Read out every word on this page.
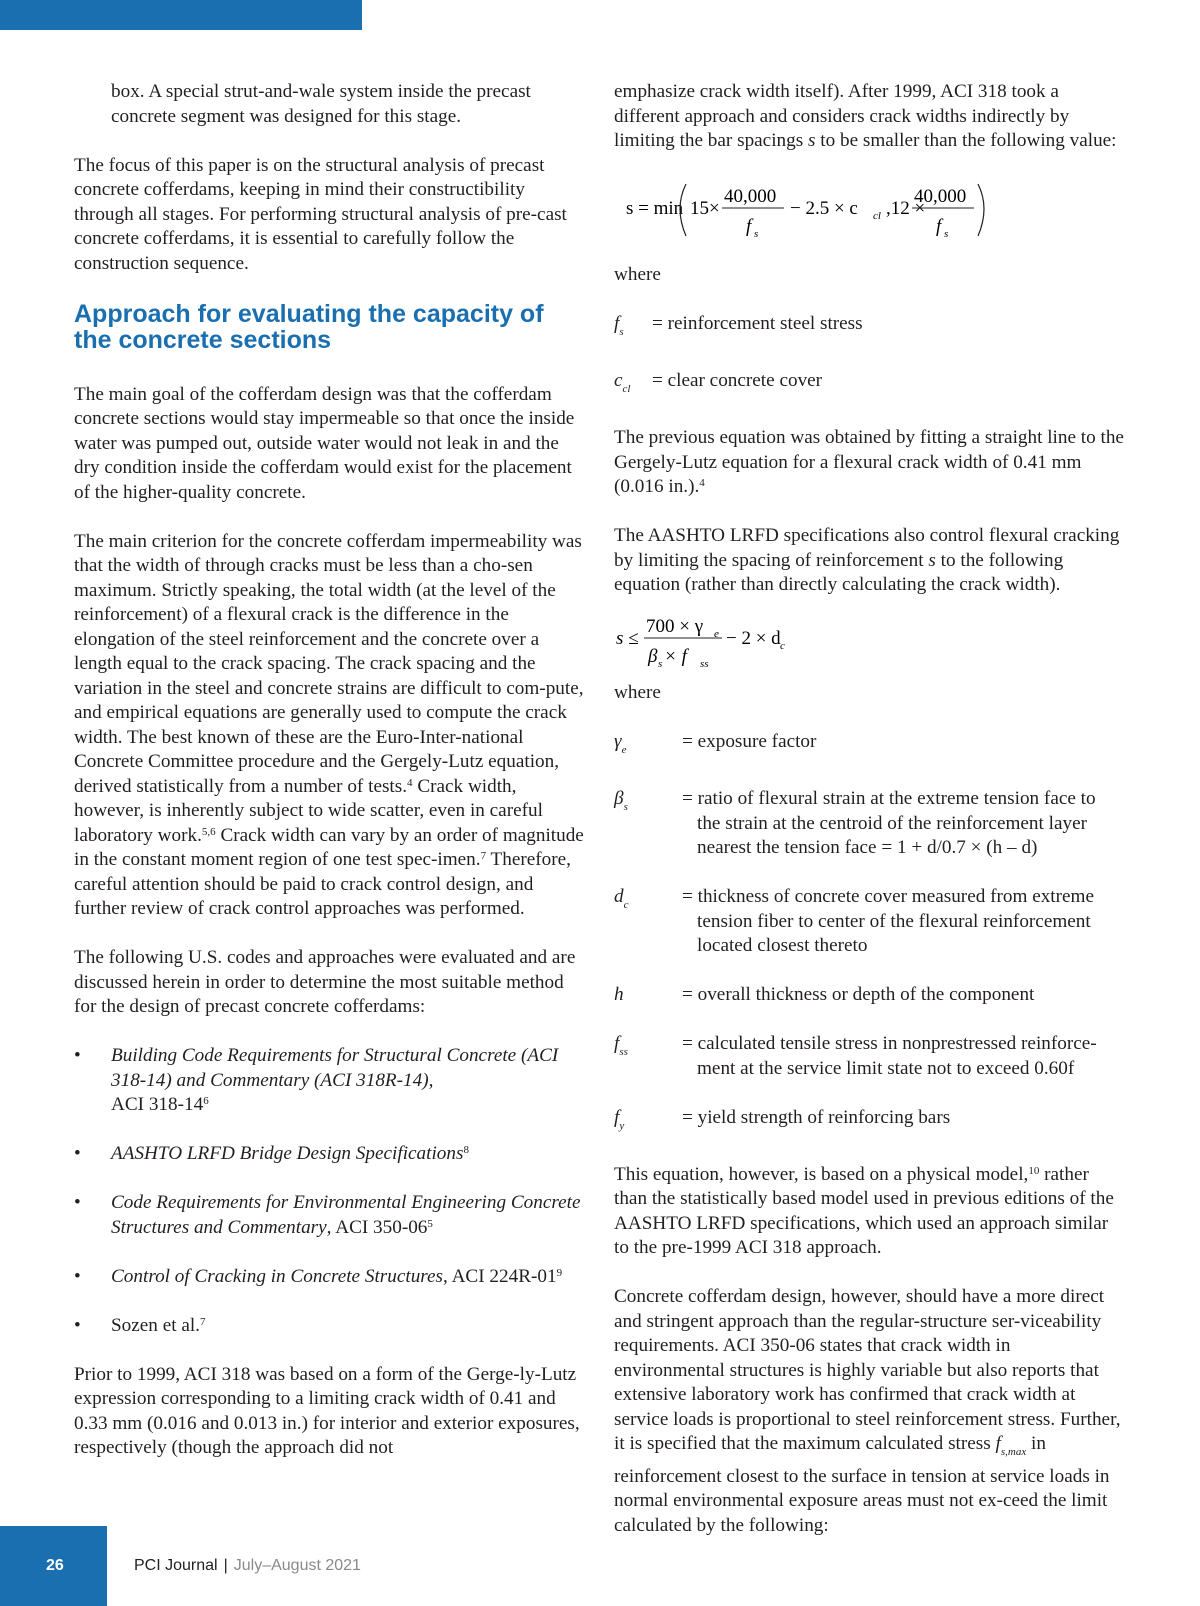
box. A special strut-and-wale system inside the precast concrete segment was designed for this stage.

The focus of this paper is on the structural analysis of precast concrete cofferdams, keeping in mind their constructibility through all stages. For performing structural analysis of pre-cast concrete cofferdams, it is essential to carefully follow the construction sequence.

Approach for evaluating the capacity of the concrete sections

The main goal of the cofferdam design was that the cofferdam concrete sections would stay impermeable so that once the inside water was pumped out, outside water would not leak in and the dry condition inside the cofferdam would exist for the placement of the higher-quality concrete.

The main criterion for the concrete cofferdam impermeability was that the width of through cracks must be less than a cho-sen maximum. Strictly speaking, the total width (at the level of the reinforcement) of a flexural crack is the difference in the elongation of the steel reinforcement and the concrete over a length equal to the crack spacing. The crack spacing and the variation in the steel and concrete strains are difficult to com-pute, and empirical equations are generally used to compute the crack width. The best known of these are the Euro-Inter-national Concrete Committee procedure and the Gergely-Lutz equation, derived statistically from a number of tests.$^4$ Crack width, however, is inherently subject to wide scatter, even in careful laboratory work.$^{5,6}$ Crack width can vary by an order of magnitude in the constant moment region of one test spec-imen.$^7$ Therefore, careful attention should be paid to crack control design, and further review of crack control approaches was performed.

The following U.S. codes and approaches were evaluated and are discussed herein in order to determine the most suitable method for the design of precast concrete cofferdams:

• Building Code Requirements for Structural Concrete (ACI 318-14) and Commentary (ACI 318R-14),
ACI $318-14^6$
• AASHTO LRFD Bridge Design Specifications$^8$
• Code Requirements for Environmental Engineering Concrete Structures and Commentary, ACI $350-06^5$
• Control of Cracking in Concrete Structures, ACI $224R-01^9$
• Sozen et al.$^7$

Prior to 1999, ACI 318 was based on a form of the Gerge-ly-Lutz expression corresponding to a limiting crack width of 0.41 and 0.33 mm (0.016 and 0.013 in.) for interior and exterior exposures, respectively (though the approach did not

emphasize crack width itself). After 1999, ACI 318 took a different approach and considers crack widths indirectly by limiting the bar spacings s to be smaller than the following value:

s = min 15×
40,000
f s
− 2.5 × c cl ,12 ×
40,000
f s

where

$f_s$	= reinforcement steel stress
$c_{cl}$	= clear concrete cover

The previous equation was obtained by fitting a straight line to the Gergely-Lutz equation for a flexural crack width of 0.41 mm (0.016 in.).$^4$

The AASHTO LRFD specifications also control flexural cracking by limiting the spacing of reinforcement s to the following equation (rather than directly calculating the crack width).

s ≤
700 × γ e
β s × f ss
− 2 × d c

where

$\gamma_e$	= exposure factor
$\beta_s$	= ratio of flexural strain at the extreme tension face to
the strain at the centroid of the reinforcement layer nearest the tension face = 1 + d/0.7 × (h – d)
$d_c$	= thickness of concrete cover measured from extreme
tension fiber to center of the flexural reinforcement located closest thereto
h	= overall thickness or depth of the component
$f_{ss}$	= calculated tensile stress in nonprestressed reinforce-
ment at the service limit state not to exceed 0.60f
$f_y$	= yield strength of reinforcing bars

This equation, however, is based on a physical model,$^{10}$ rather than the statistically based model used in previous editions of the AASHTO LRFD specifications, which used an approach similar to the pre-1999 ACI 318 approach.

Concrete cofferdam design, however, should have a more direct and stringent approach than the regular-structure ser-viceability requirements. ACI 350-06 states that crack width in environmental structures is highly variable but also reports that extensive laboratory work has confirmed that crack width at service loads is proportional to steel reinforcement stress. Further, it is specified that the maximum calculated stress $f_{s,max}$ in reinforcement closest to the surface in tension at service loads in normal environmental exposure areas must not ex-ceed the limit calculated by the following:

26	PCI Journal | July–August 2021
